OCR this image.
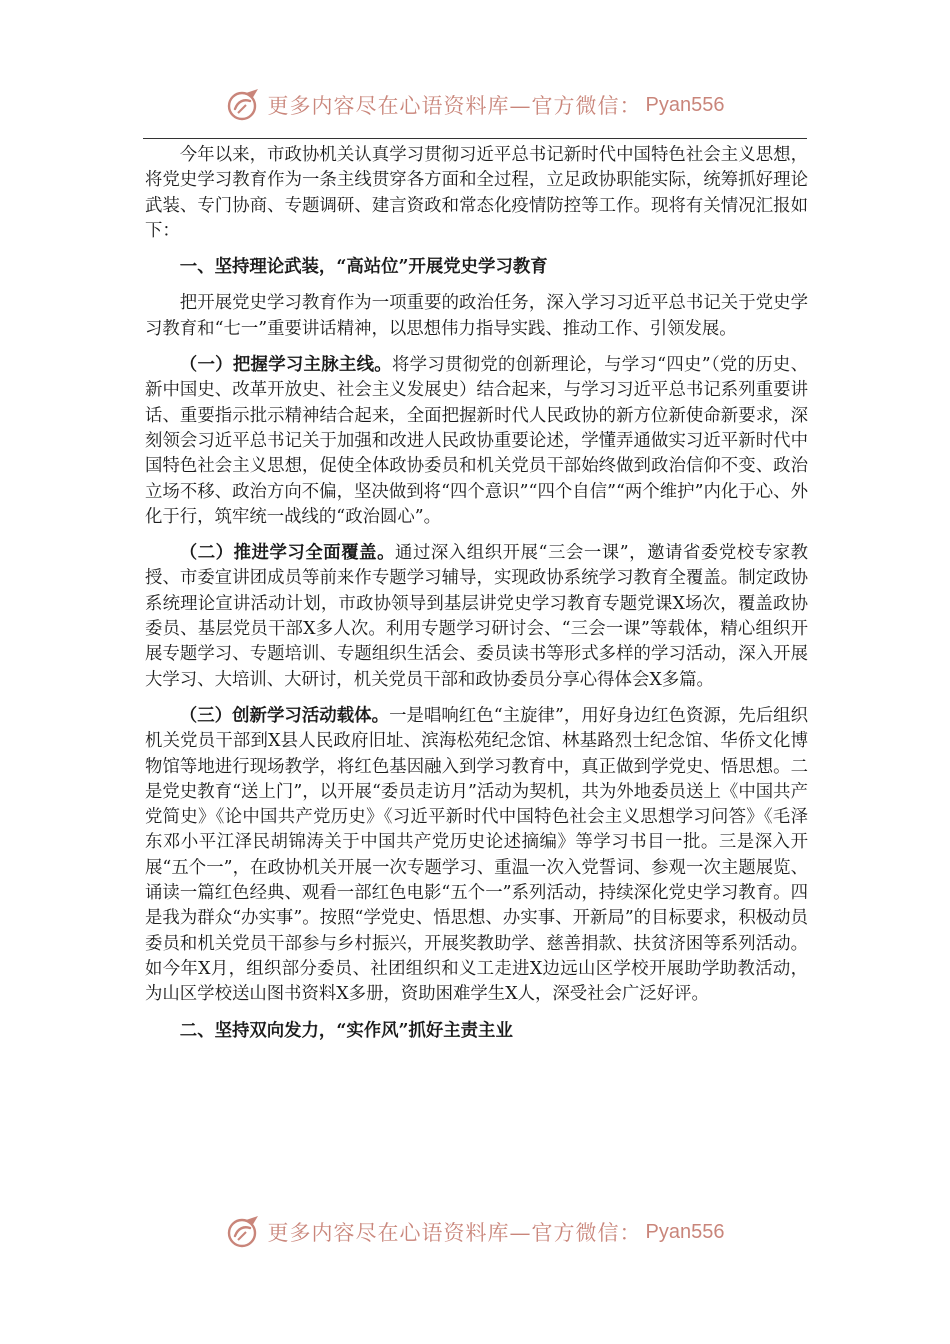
更多内容尽在心语资料库—官方微信： Pyan556

今年以来，市政协机关认真学习贯彻习近平总书记新时代中国特色社会主义思想，将党史学习教育作为一条主线贯穿各方面和全过程，立足政协职能实际，统筹抓好理论武装、专门协商、专题调研、建言资政和常态化疫情防控等工作。现将有关情况汇报如下：

一、坚持理论武装，“高站位”开展党史学习教育

把开展党史学习教育作为一项重要的政治任务，深入学习习近平总书记关于党史学习教育和“七一”重要讲话精神，以思想伟力指导实践、推动工作、引领发展。

（一）把握学习主脉主线。将学习贯彻党的创新理论，与学习“四史”（党的历史、新中国史、改革开放史、社会主义发展史）结合起来，与学习习近平总书记系列重要讲话、重要指示批示精神结合起来，全面把握新时代人民政协的新方位新使命新要求，深刻领会习近平总书记关于加强和改进人民政协重要论述，学懂弄通做实习近平新时代中国特色社会主义思想，促使全体政协委员和机关党员干部始终做到政治信仰不变、政治立场不移、政治方向不偏，坚决做到将“四个意识”“四个自信”“两个维护”内化于心、外化于行，筑牢统一战线的“政治圆心”。

（二）推进学习全面覆盖。通过深入组织开展“三会一课”，邀请省委党校专家教授、市委宣讲团成员等前来作专题学习辅导，实现政协系统学习教育全覆盖。制定政协系统理论宣讲活动计划，市政协领导到基层讲党史学习教育专题党课X场次，覆盖政协委员、基层党员干部X多人次。利用专题学习研讨会、“三会一课”等载体，精心组织开展专题学习、专题培训、专题组织生活会、委员读书等形式多样的学习活动，深入开展大学习、大培训、大研讨，机关党员干部和政协委员分享心得体会X多篇。

（三）创新学习活动载体。一是唱响红色“主旋律”，用好身边红色资源，先后组织机关党员干部到X县人民政府旧址、滨海松苑纪念馆、林基路烈士纪念馆、华侨文化博物馆等地进行现场教学，将红色基因融入到学习教育中，真正做到学党史、悟思想。二是党史教育“送上门”，以开展“委员走访月”活动为契机，共为外地委员送上《中国共产党简史》《论中国共产党历史》《习近平新时代中国特色社会主义思想学习问答》《毛泽东邓小平江泽民胡锦涛关于中国共产党历史论述摘编》等学习书目一批。三是深入开展“五个一”，在政协机关开展一次专题学习、重温一次入党誓词、参观一次主题展览、诵读一篇红色经典、观看一部红色电影“五个一”系列活动，持续深化党史学习教育。四是我为群众“办实事”。按照“学党史、悟思想、办实事、开新局”的目标要求，积极动员委员和机关党员干部参与乡村振兴，开展奖教助学、慈善捐款、扶贫济困等系列活动。如今年X月，组织部分委员、社团组织和义工走进X边远山区学校开展助学助教活动，为山区学校送山图书资料X多册，资助困难学生X人，深受社会广泛好评。

二、坚持双向发力，“实作风”抓好主责主业
更多内容尽在心语资料库—官方微信： Pyan556
